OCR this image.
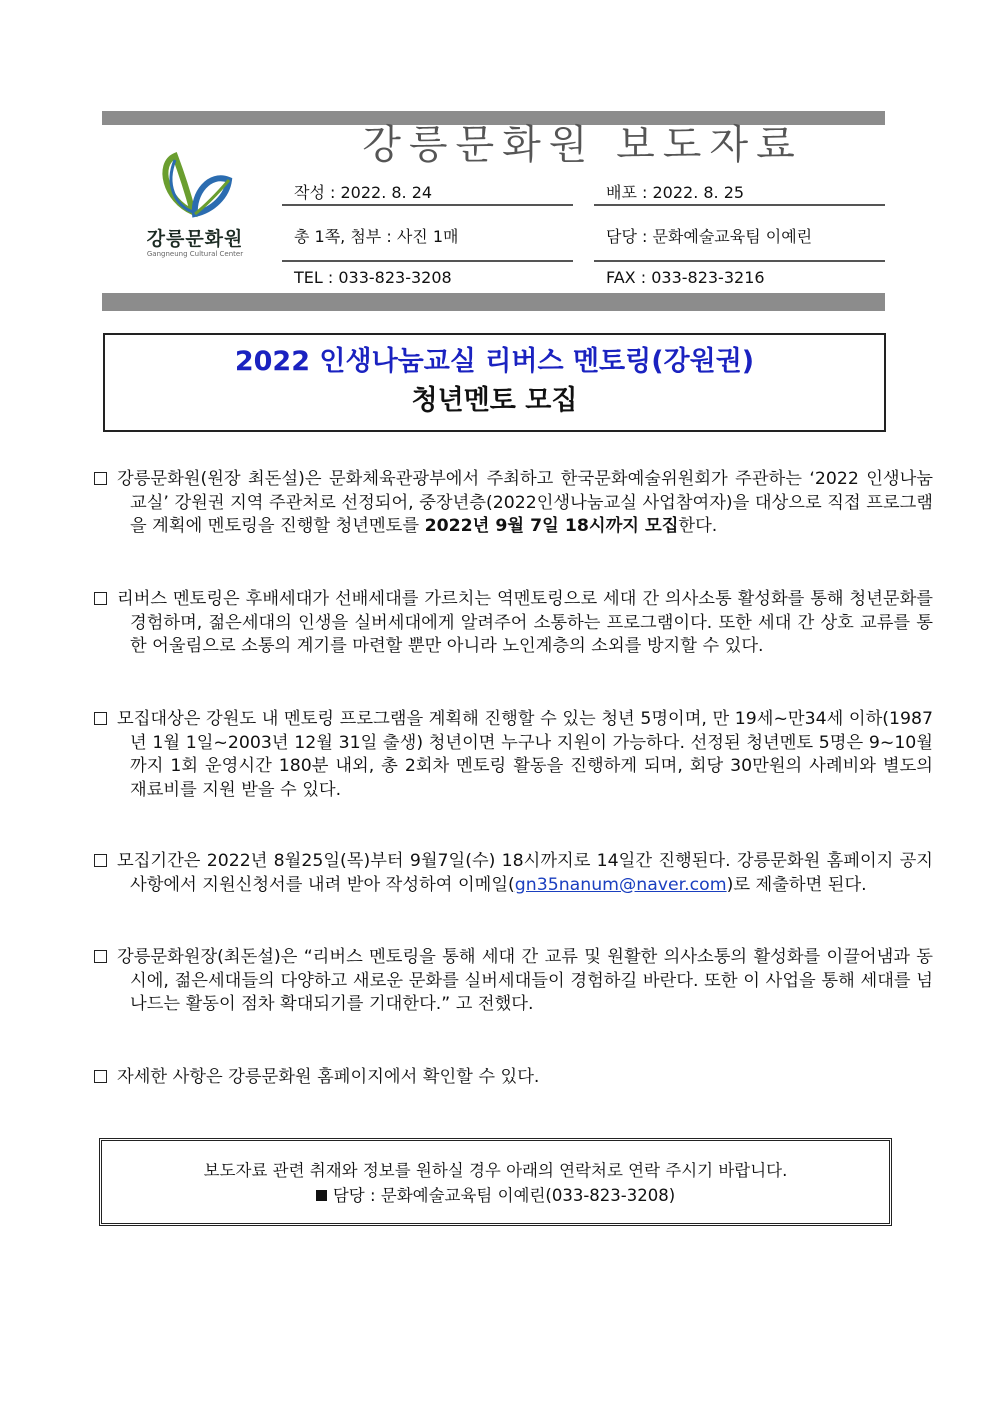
강릉문화원
Gangneung Cultural Center
강릉문화원 보도자료
작성 : 2022. 8. 24	배포 : 2022. 8. 25
총 1쪽, 첨부 : 사진 1매	담당 : 문화예술교육팀 이예린
TEL : 033-823-3208	FAX : 033-823-3216
2022 인생나눔교실 리버스 멘토링(강원권)
청년멘토 모집
강릉문화원(원장 최돈설)은 문화체육관광부에서 주최하고 한국문화예술위원회가 주관하는 ‘2022 인생나눔교실’ 강원권 지역 주관처로 선정되어, 중장년층(2022인생나눔교실 사업참여자)을 대상으로 직접 프로그램을 계획에 멘토링을 진행할 청년멘토를 2022년 9월 7일 18시까지 모집한다.
리버스 멘토링은 후배세대가 선배세대를 가르치는 역멘토링으로 세대 간 의사소통 활성화를 통해 청년문화를 경험하며, 젊은세대의 인생을 실버세대에게 알려주어 소통하는 프로그램이다. 또한 세대 간 상호 교류를 통한 어울림으로 소통의 계기를 마련할 뿐만 아니라 노인계층의 소외를 방지할 수 있다.
모집대상은 강원도 내 멘토링 프로그램을 계획해 진행할 수 있는 청년 5명이며, 만 19세~만34세 이하(1987년 1월 1일~2003년 12월 31일 출생) 청년이면 누구나 지원이 가능하다. 선정된 청년멘토 5명은 9~10월까지 1회 운영시간 180분 내외, 총 2회차 멘토링 활동을 진행하게 되며, 회당 30만원의 사례비와 별도의 재료비를 지원 받을 수 있다.
모집기간은 2022년 8월25일(목)부터 9월7일(수) 18시까지로 14일간 진행된다. 강릉문화원 홈페이지 공지사항에서 지원신청서를 내려 받아 작성하여 이메일(gn35nanum@naver.com)로 제출하면 된다.
강릉문화원장(최돈설)은 “리버스 멘토링을 통해 세대 간 교류 및 원활한 의사소통의 활성화를 이끌어냄과 동시에, 젊은세대들의 다양하고 새로운 문화를 실버세대들이 경험하길 바란다. 또한 이 사업을 통해 세대를 넘나드는 활동이 점차 확대되기를 기대한다.” 고 전했다.
자세한 사항은 강릉문화원 홈페이지에서 확인할 수 있다.
보도자료 관련 취재와 정보를 원하실 경우 아래의 연락처로 연락 주시기 바랍니다.
담당 : 문화예술교육팀 이예린(033-823-3208)
